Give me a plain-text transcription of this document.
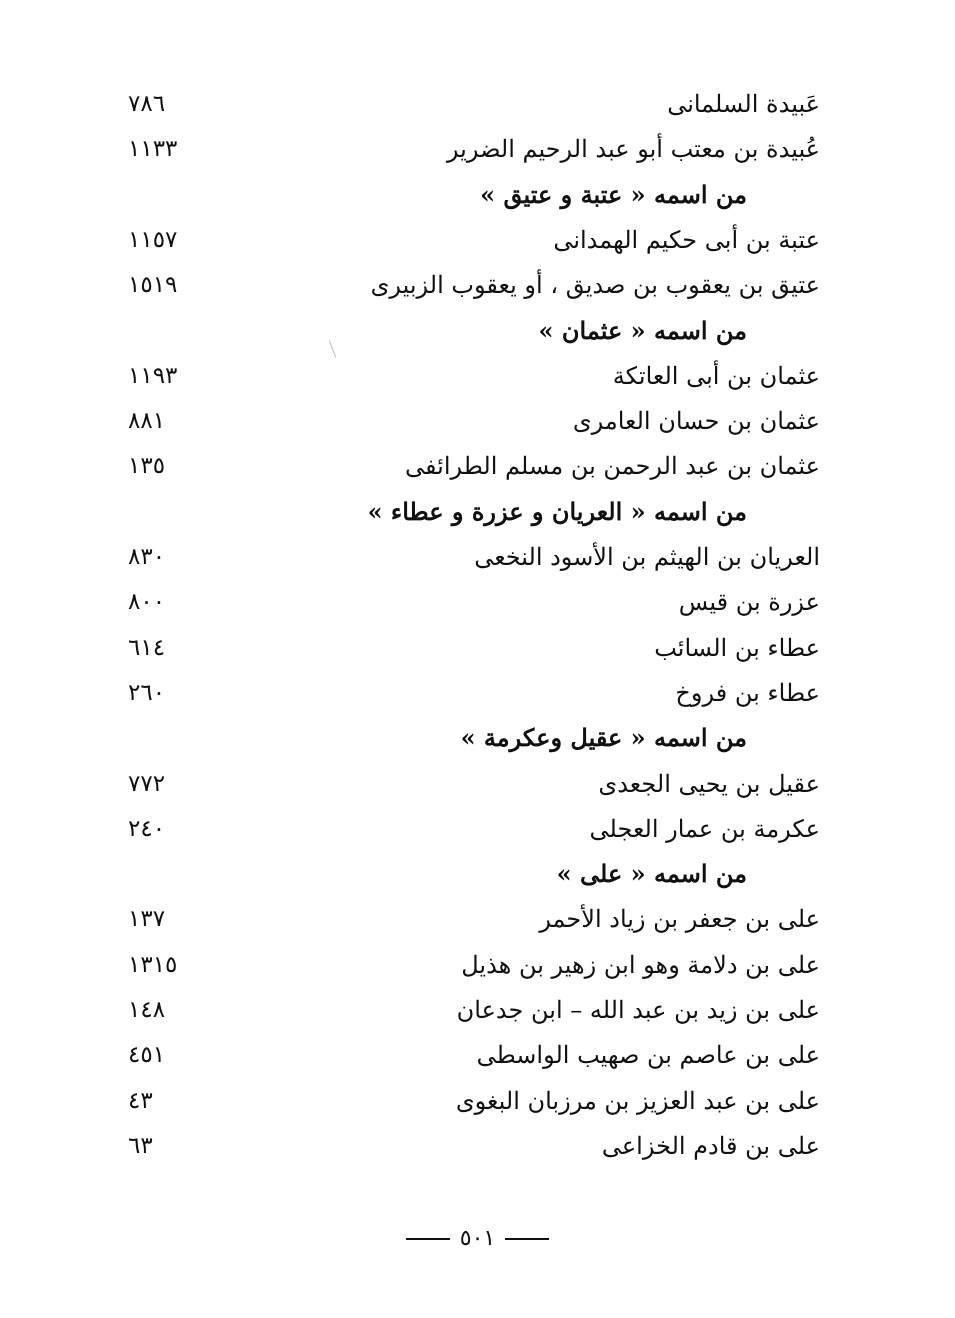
عَبيدة السلمانى
٧٨٦
عُبيدة بن معتب أبو عبد الرحيم الضرير
١١٣٣
من اسمه « عتبة و عتيق »
عتبة بن أبى حكيم الهمدانى
١١٥٧
عتيق بن يعقوب بن صديق ، أو يعقوب الزبيرى
١٥١٩
من اسمه « عثمان »
عثمان بن أبى العاتكة
١١٩٣
عثمان بن حسان العامرى
٨٨١
عثمان بن عبد الرحمن بن مسلم الطرائفى
١٣٥
من اسمه « العريان و عزرة و عطاء »
العريان بن الهيثم بن الأسود النخعى
٨٣٠
عزرة بن قيس
٨٠٠
عطاء بن السائب
٦١٤
عطاء بن فروخ
٢٦٠
من اسمه « عقيل وعكرمة »
عقيل بن يحيى الجعدى
٧٧٢
عكرمة بن عمار العجلى
٢٤٠
من اسمه « على »
على بن جعفر بن زياد الأحمر
١٣٧
على بن دلامة وهو ابن زهير بن هذيل
١٣١٥
على بن زيد بن عبد الله – ابن جدعان
١٤٨
على بن عاصم بن صهيب الواسطى
٤٥١
على بن عبد العزيز بن مرزبان البغوى
٤٣
على بن قادم الخزاعى
٦٣
٥٠١
